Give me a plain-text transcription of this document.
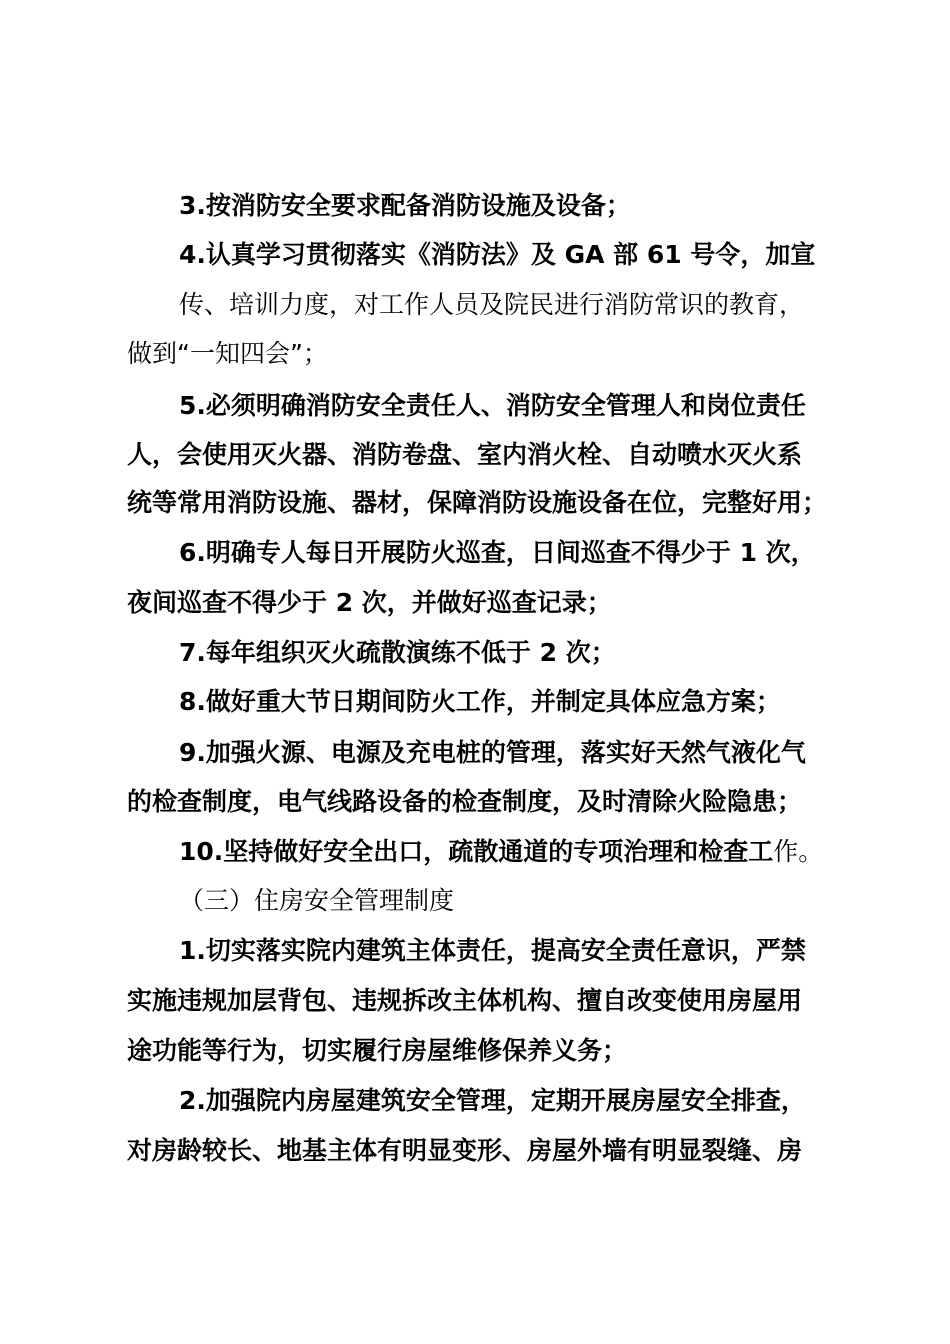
3.按消防安全要求配备消防设施及设备；
4.认真学习贯彻落实《消防法》及 GA 部 61 号令，加宣
传、培训力度，对工作人员及院民进行消防常识的教育，
做到“一知四会”；
5.必须明确消防安全责任人、消防安全管理人和岗位责任
人，会使用灭火器、消防卷盘、室内消火栓、自动喷水灭火系
统等常用消防设施、器材，保障消防设施设备在位，完整好用；
6.明确专人每日开展防火巡查，日间巡查不得少于 1 次，
夜间巡查不得少于 2 次，并做好巡查记录；
7.每年组织灭火疏散演练不低于 2 次；
8.做好重大节日期间防火工作，并制定具体应急方案；
9.加强火源、电源及充电桩的管理，落实好天然气液化气
的检查制度，电气线路设备的检查制度，及时清除火险隐患；
10.坚持做好安全出口，疏散通道的专项治理和检查工作。
（三）住房安全管理制度
1.切实落实院内建筑主体责任，提高安全责任意识，严禁
实施违规加层背包、违规拆改主体机构、擅自改变使用房屋用
途功能等行为，切实履行房屋维修保养义务；
2.加强院内房屋建筑安全管理，定期开展房屋安全排查，
对房龄较长、地基主体有明显变形、房屋外墙有明显裂缝、房
